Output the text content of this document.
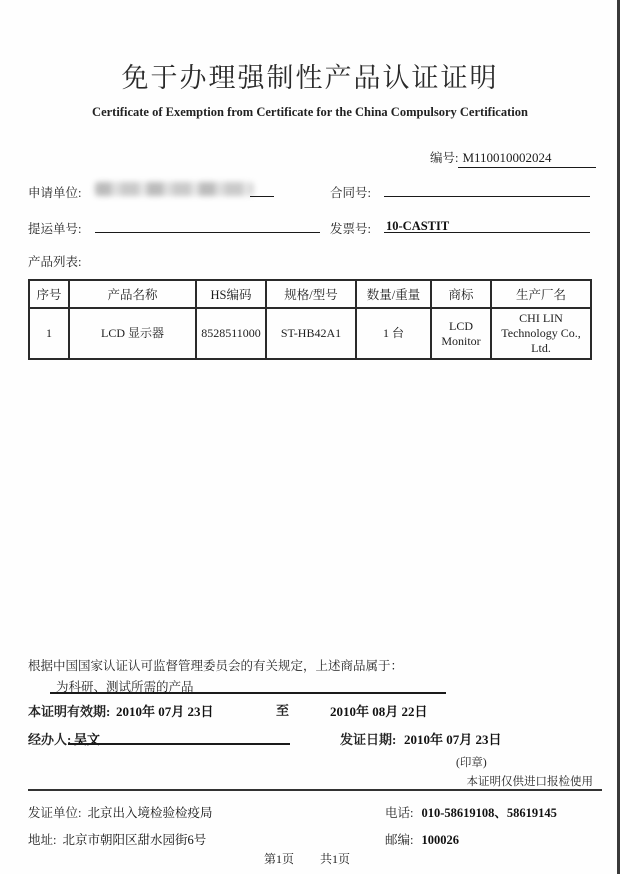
免于办理强制性产品认证证明
Certificate of Exemption from Certificate for the China Compulsory Certification
编号: M110010002024
申请单位:	合同号:
提运单号:	发票号: 10-CASTIT
产品列表:
序号	产品名称	HS编码	规格/型号	数量/重量	商标	生产厂名
1	LCD 显示器	8528511000	ST-HB42A1	1 台	LCD Monitor	CHI LIN Technology Co., Ltd.
根据中国国家认证认可监督管理委员会的有关规定，上述商品属于：
为科研、测试所需的产品
本证明有效期: 2010年 07月 23日	至	2010年 08月 22日
经办人: 吴文	发证日期: 2010年 07月 23日
(印章)
本证明仅供进口报检使用
发证单位: 北京出入境检验检疫局	电话: 010-58619108、58619145
地址: 北京市朝阳区甜水园街6号	邮编: 100026
第1页 共1页
